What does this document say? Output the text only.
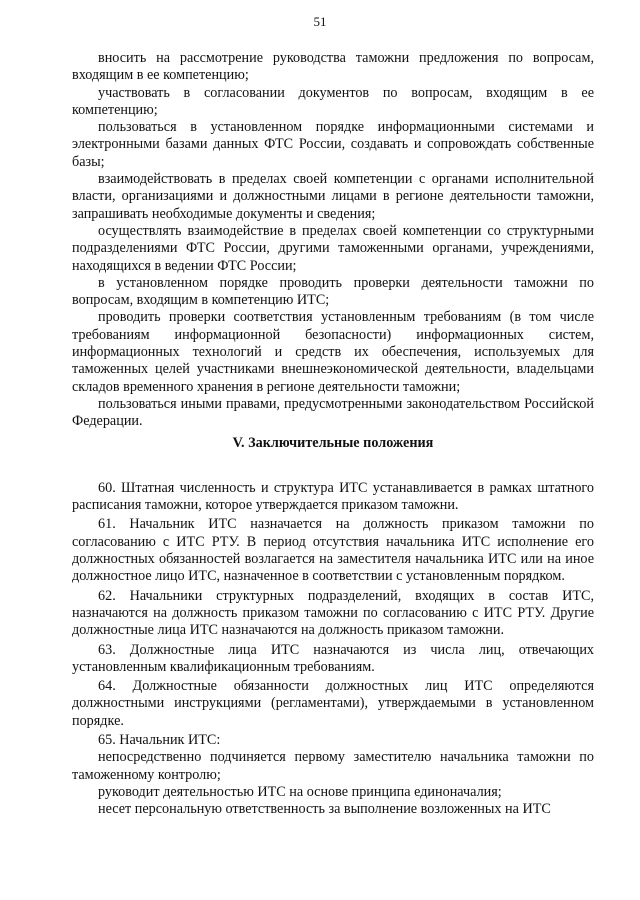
51

вносить на рассмотрение руководства таможни предложения по вопросам, входящим в ее компетенцию;

участвовать в согласовании документов по вопросам, входящим в ее компетенцию;

пользоваться в установленном порядке информационными системами и электронными базами данных ФТС России, создавать и сопровождать собственные базы;

взаимодействовать в пределах своей компетенции с органами исполнительной власти, организациями и должностными лицами в регионе деятельности таможни, запрашивать необходимые документы и сведения;

осуществлять взаимодействие в пределах своей компетенции со структурными подразделениями ФТС России, другими таможенными органами, учреждениями, находящихся в ведении ФТС России;

в установленном порядке проводить проверки деятельности таможни по вопросам, входящим в компетенцию ИТС;

проводить проверки соответствия установленным требованиям (в том числе требованиям информационной безопасности) информационных систем, информационных технологий и средств их обеспечения, используемых для таможенных целей участниками внешнеэкономической деятельности, владельцами складов временного хранения в регионе деятельности таможни;

пользоваться иными правами, предусмотренными законодательством Российской Федерации.

V. Заключительные положения

60. Штатная численность и структура ИТС устанавливается в рамках штатного расписания таможни, которое утверждается приказом таможни.

61. Начальник ИТС назначается на должность приказом таможни по согласованию с ИТС РТУ. В период отсутствия начальника ИТС исполнение его должностных обязанностей возлагается на заместителя начальника ИТС или на иное должностное лицо ИТС, назначенное в соответствии с установленным порядком.

62. Начальники структурных подразделений, входящих в состав ИТС, назначаются на должность приказом таможни по согласованию с ИТС РТУ. Другие должностные лица ИТС назначаются на должность приказом таможни.

63. Должностные лица ИТС назначаются из числа лиц, отвечающих установленным квалификационным требованиям.

64. Должностные обязанности должностных лиц ИТС определяются должностными инструкциями (регламентами), утверждаемыми в установленном порядке.

65. Начальник ИТС:

непосредственно подчиняется первому заместителю начальника таможни по таможенному контролю;

руководит деятельностью ИТС на основе принципа единоначалия;

несет персональную ответственность за выполнение возложенных на ИТС
